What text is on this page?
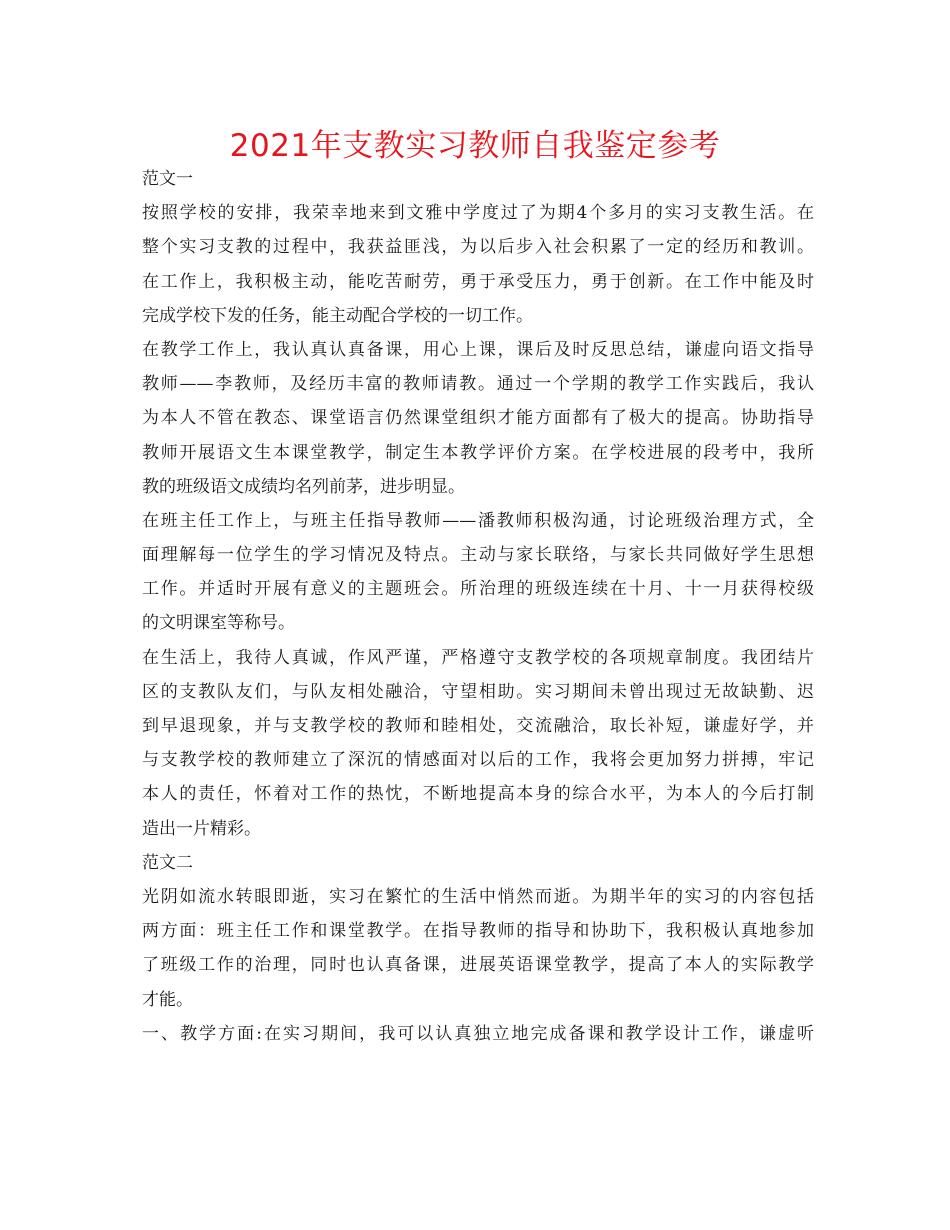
2021年支教实习教师自我鉴定参考
范文一
按照学校的安排，我荣幸地来到文雅中学度过了为期4个多月的实习支教生活。在
整个实习支教的过程中，我获益匪浅，为以后步入社会积累了一定的经历和教训。
在工作上，我积极主动，能吃苦耐劳，勇于承受压力，勇于创新。在工作中能及时
完成学校下发的任务，能主动配合学校的一切工作。
在教学工作上，我认真认真备课，用心上课，课后及时反思总结，谦虚向语文指导
教师——李教师，及经历丰富的教师请教。通过一个学期的教学工作实践后，我认
为本人不管在教态、课堂语言仍然课堂组织才能方面都有了极大的提高。协助指导
教师开展语文生本课堂教学，制定生本教学评价方案。在学校进展的段考中，我所
教的班级语文成绩均名列前茅，进步明显。
在班主任工作上，与班主任指导教师——潘教师积极沟通，讨论班级治理方式，全
面理解每一位学生的学习情况及特点。主动与家长联络，与家长共同做好学生思想
工作。并适时开展有意义的主题班会。所治理的班级连续在十月、十一月获得校级
的文明课室等称号。
在生活上，我待人真诚，作风严谨，严格遵守支教学校的各项规章制度。我团结片
区的支教队友们，与队友相处融洽，守望相助。实习期间未曾出现过无故缺勤、迟
到早退现象，并与支教学校的教师和睦相处，交流融洽，取长补短，谦虚好学，并
与支教学校的教师建立了深沉的情感面对以后的工作，我将会更加努力拼搏，牢记
本人的责任，怀着对工作的热忱，不断地提高本身的综合水平，为本人的今后打制
造出一片精彩。
范文二
光阴如流水转眼即逝，实习在繁忙的生活中悄然而逝。为期半年的实习的内容包括
两方面：班主任工作和课堂教学。在指导教师的指导和协助下，我积极认真地参加
了班级工作的治理，同时也认真备课，进展英语课堂教学，提高了本人的实际教学
才能。
一、教学方面:在实习期间，我可以认真独立地完成备课和教学设计工作，谦虚听
